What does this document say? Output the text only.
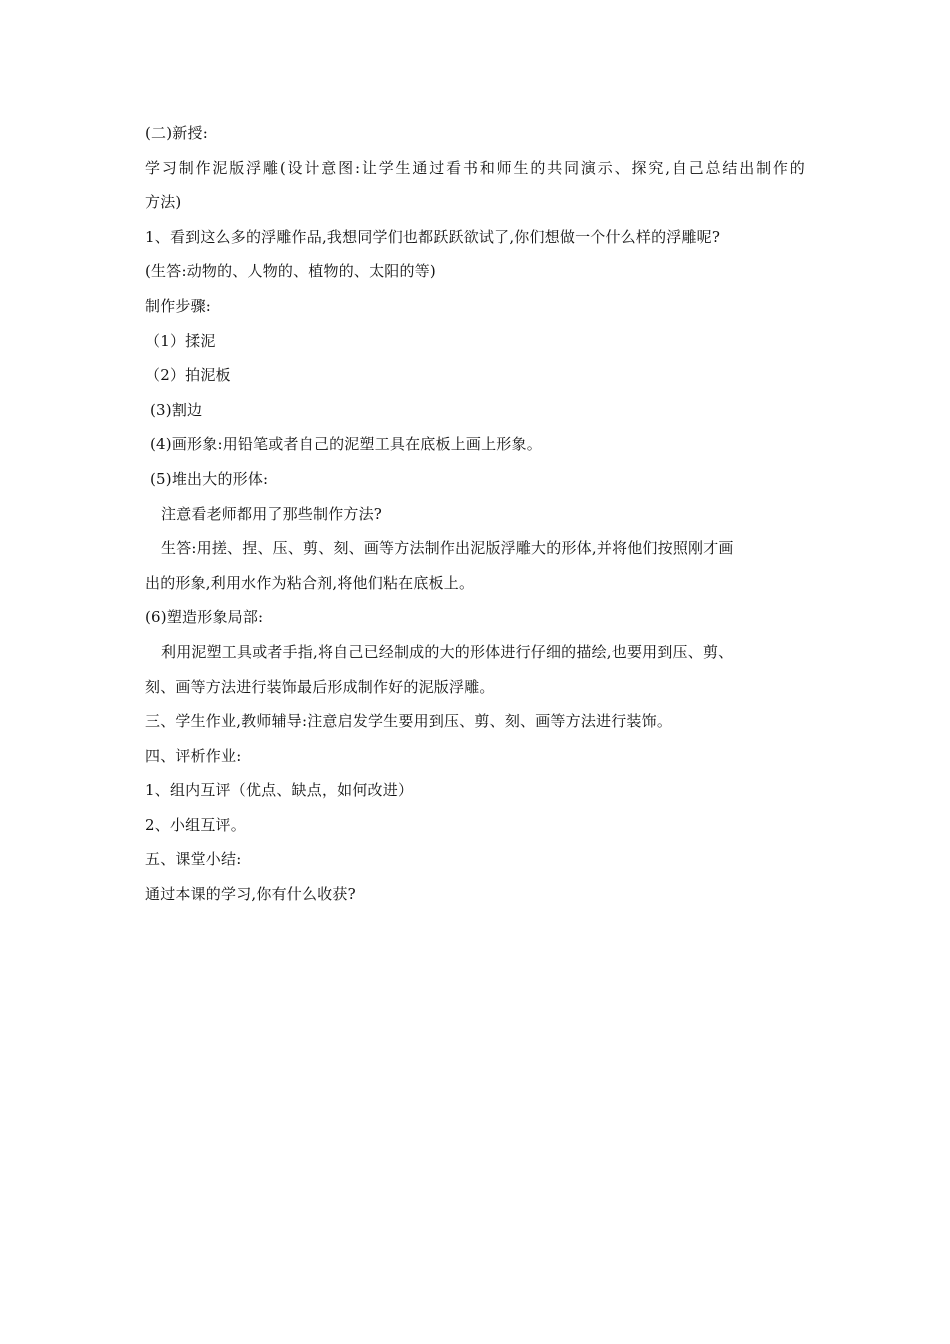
(二)新授:
学习制作泥版浮雕(设计意图:让学生通过看书和师生的共同演示、探究,自己总结出制作的
方法)
1、看到这么多的浮雕作品,我想同学们也都跃跃欲试了,你们想做一个什么样的浮雕呢?
(生答:动物的、人物的、植物的、太阳的等)
制作步骤:
（1）揉泥
（2）拍泥板
(3)割边
(4)画形象:用铅笔或者自己的泥塑工具在底板上画上形象。
(5)堆出大的形体:
注意看老师都用了那些制作方法?
生答:用搓、捏、压、剪、刻、画等方法制作出泥版浮雕大的形体,并将他们按照刚才画
出的形象,利用水作为粘合剂,将他们粘在底板上。
(6)塑造形象局部:
利用泥塑工具或者手指,将自己已经制成的大的形体进行仔细的描绘,也要用到压、剪、
刻、画等方法进行装饰最后形成制作好的泥版浮雕。
三、学生作业,教师辅导:注意启发学生要用到压、剪、刻、画等方法进行装饰。
四、评析作业:
1、组内互评（优点、缺点，如何改进）
2、小组互评。
五、课堂小结:
通过本课的学习,你有什么收获?
